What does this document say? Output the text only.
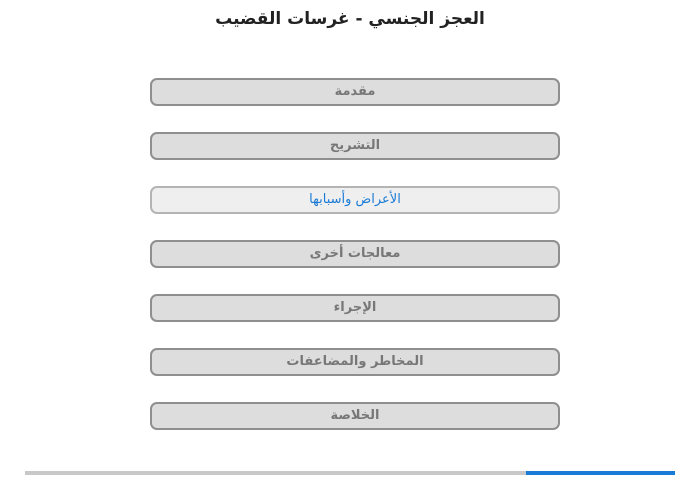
العجز الجنسي - غرسات القضيب
مقدمة
التشريح
الأعراض وأسبابها
معالجات أخرى
الإجراء
المخاطر والمضاعفات
الخلاصة
